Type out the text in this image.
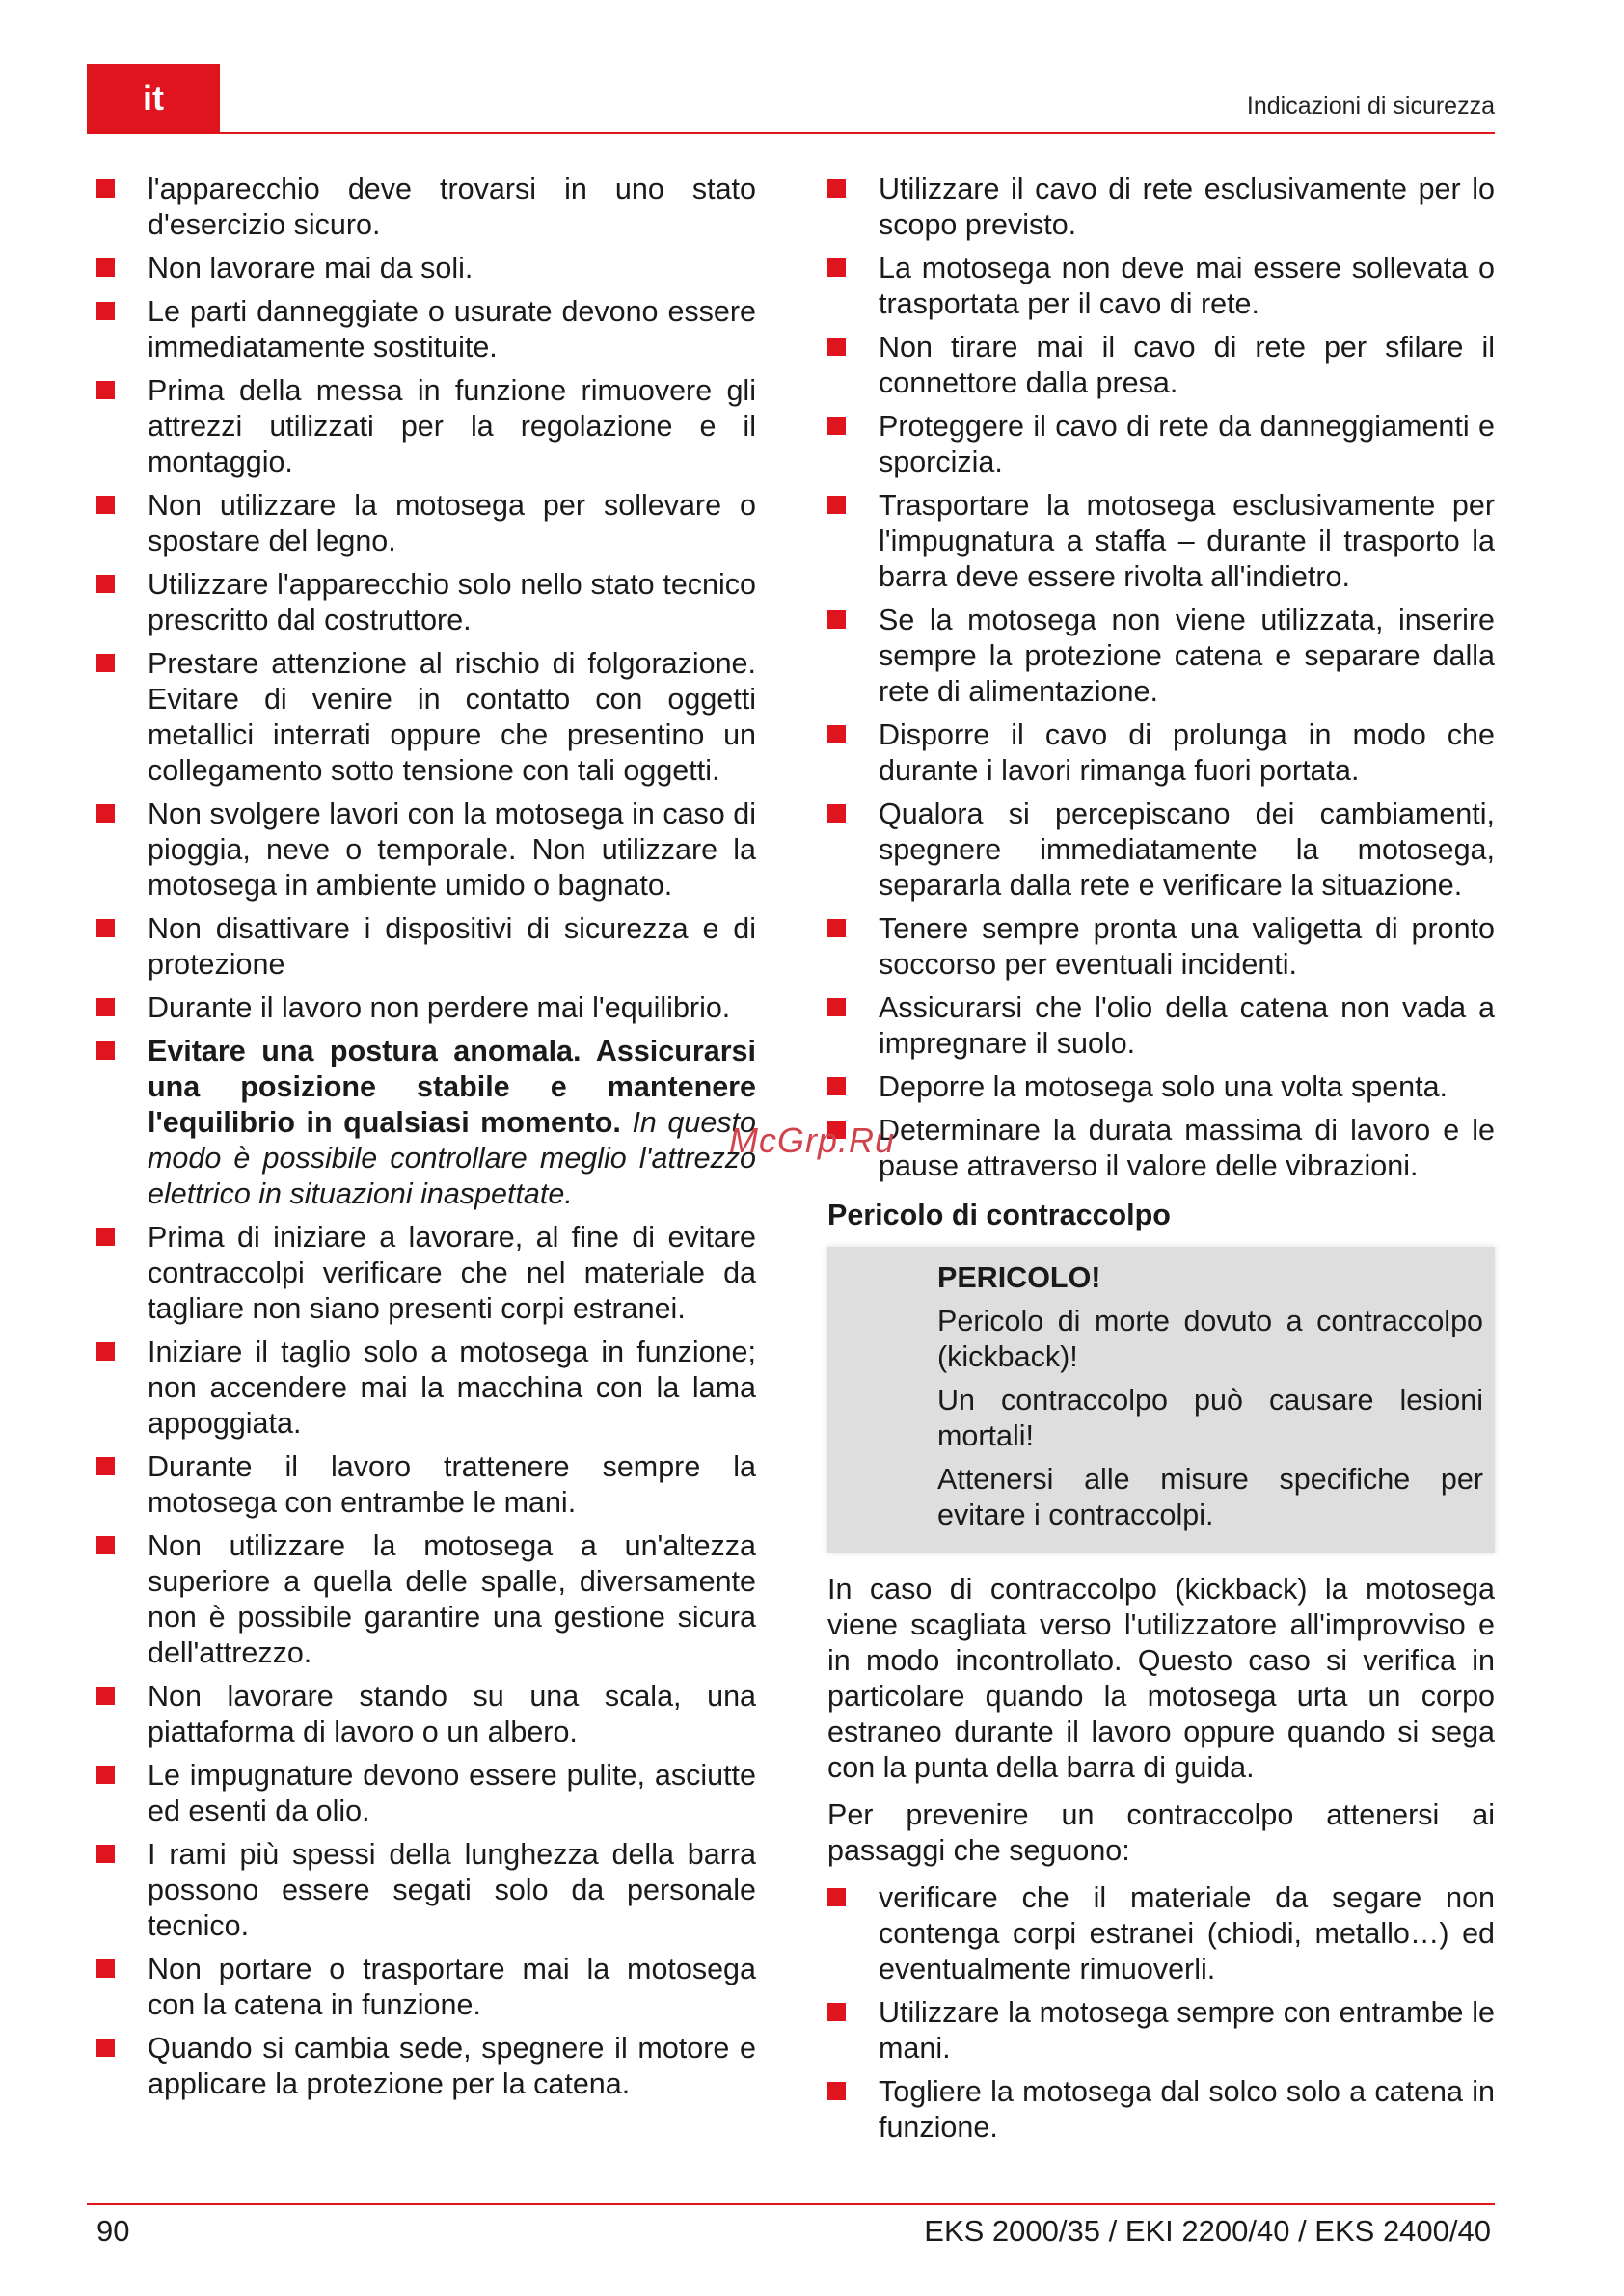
it	Indicazioni di sicurezza
l'apparecchio deve trovarsi in uno stato d'esercizio sicuro.
Non lavorare mai da soli.
Le parti danneggiate o usurate devono essere immediatamente sostituite.
Prima della messa in funzione rimuovere gli attrezzi utilizzati per la regolazione e il montaggio.
Non utilizzare la motosega per sollevare o spostare del legno.
Utilizzare l'apparecchio solo nello stato tecnico prescritto dal costruttore.
Prestare attenzione al rischio di folgorazione. Evitare di venire in contatto con oggetti metallici interrati oppure che presentino un collegamento sotto tensione con tali oggetti.
Non svolgere lavori con la motosega in caso di pioggia, neve o temporale. Non utilizzare la motosega in ambiente umido o bagnato.
Non disattivare i dispositivi di sicurezza e di protezione
Durante il lavoro non perdere mai l'equilibrio.
Evitare una postura anomala. Assicurarsi una posizione stabile e mantenere l'equilibrio in qualsiasi momento. In questo modo è possibile controllare meglio l'attrezzo elettrico in situazioni inaspettate.
Prima di iniziare a lavorare, al fine di evitare contraccolpi verificare che nel materiale da tagliare non siano presenti corpi estranei.
Iniziare il taglio solo a motosega in funzione; non accendere mai la macchina con la lama appoggiata.
Durante il lavoro trattenere sempre la motosega con entrambe le mani.
Non utilizzare la motosega a un'altezza superiore a quella delle spalle, diversamente non è possibile garantire una gestione sicura dell'attrezzo.
Non lavorare stando su una scala, una piattaforma di lavoro o un albero.
Le impugnature devono essere pulite, asciutte ed esenti da olio.
I rami più spessi della lunghezza della barra possono essere segati solo da personale tecnico.
Non portare o trasportare mai la motosega con la catena in funzione.
Quando si cambia sede, spegnere il motore e applicare la protezione per la catena.
Utilizzare il cavo di rete esclusivamente per lo scopo previsto.
La motosega non deve mai essere sollevata o trasportata per il cavo di rete.
Non tirare mai il cavo di rete per sfilare il connettore dalla presa.
Proteggere il cavo di rete da danneggiamenti e sporcizia.
Trasportare la motosega esclusivamente per l'impugnatura a staffa – durante il trasporto la barra deve essere rivolta all'indietro.
Se la motosega non viene utilizzata, inserire sempre la protezione catena e separare dalla rete di alimentazione.
Disporre il cavo di prolunga in modo che durante i lavori rimanga fuori portata.
Qualora si percepiscano dei cambiamenti, spegnere immediatamente la motosega, separarla dalla rete e verificare la situazione.
Tenere sempre pronta una valigetta di pronto soccorso per eventuali incidenti.
Assicurarsi che l'olio della catena non vada a impregnare il suolo.
Deporre la motosega solo una volta spenta.
Determinare la durata massima di lavoro e le pause attraverso il valore delle vibrazioni.
Pericolo di contraccolpo

PERICOLO!

Pericolo di morte dovuto a contraccolpo (kickback)!

Un contraccolpo può causare lesioni mortali!

Attenersi alle misure specifiche per evitare i contraccolpi.

In caso di contraccolpo (kickback) la motosega viene scagliata verso l'utilizzatore all'improvviso e in modo incontrollato. Questo caso si verifica in particolare quando la motosega urta un corpo estraneo durante il lavoro oppure quando si sega con la punta della barra di guida.

Per prevenire un contraccolpo attenersi ai passaggi che seguono:

verificare che il materiale da segare non contenga corpi estranei (chiodi, metallo…) ed eventualmente rimuoverli.
Utilizzare la motosega sempre con entrambe le mani.
Togliere la motosega dal solco solo a catena in funzione.
McGrp.Ru
90	EKS 2000/35 / EKI 2200/40 / EKS 2400/40
